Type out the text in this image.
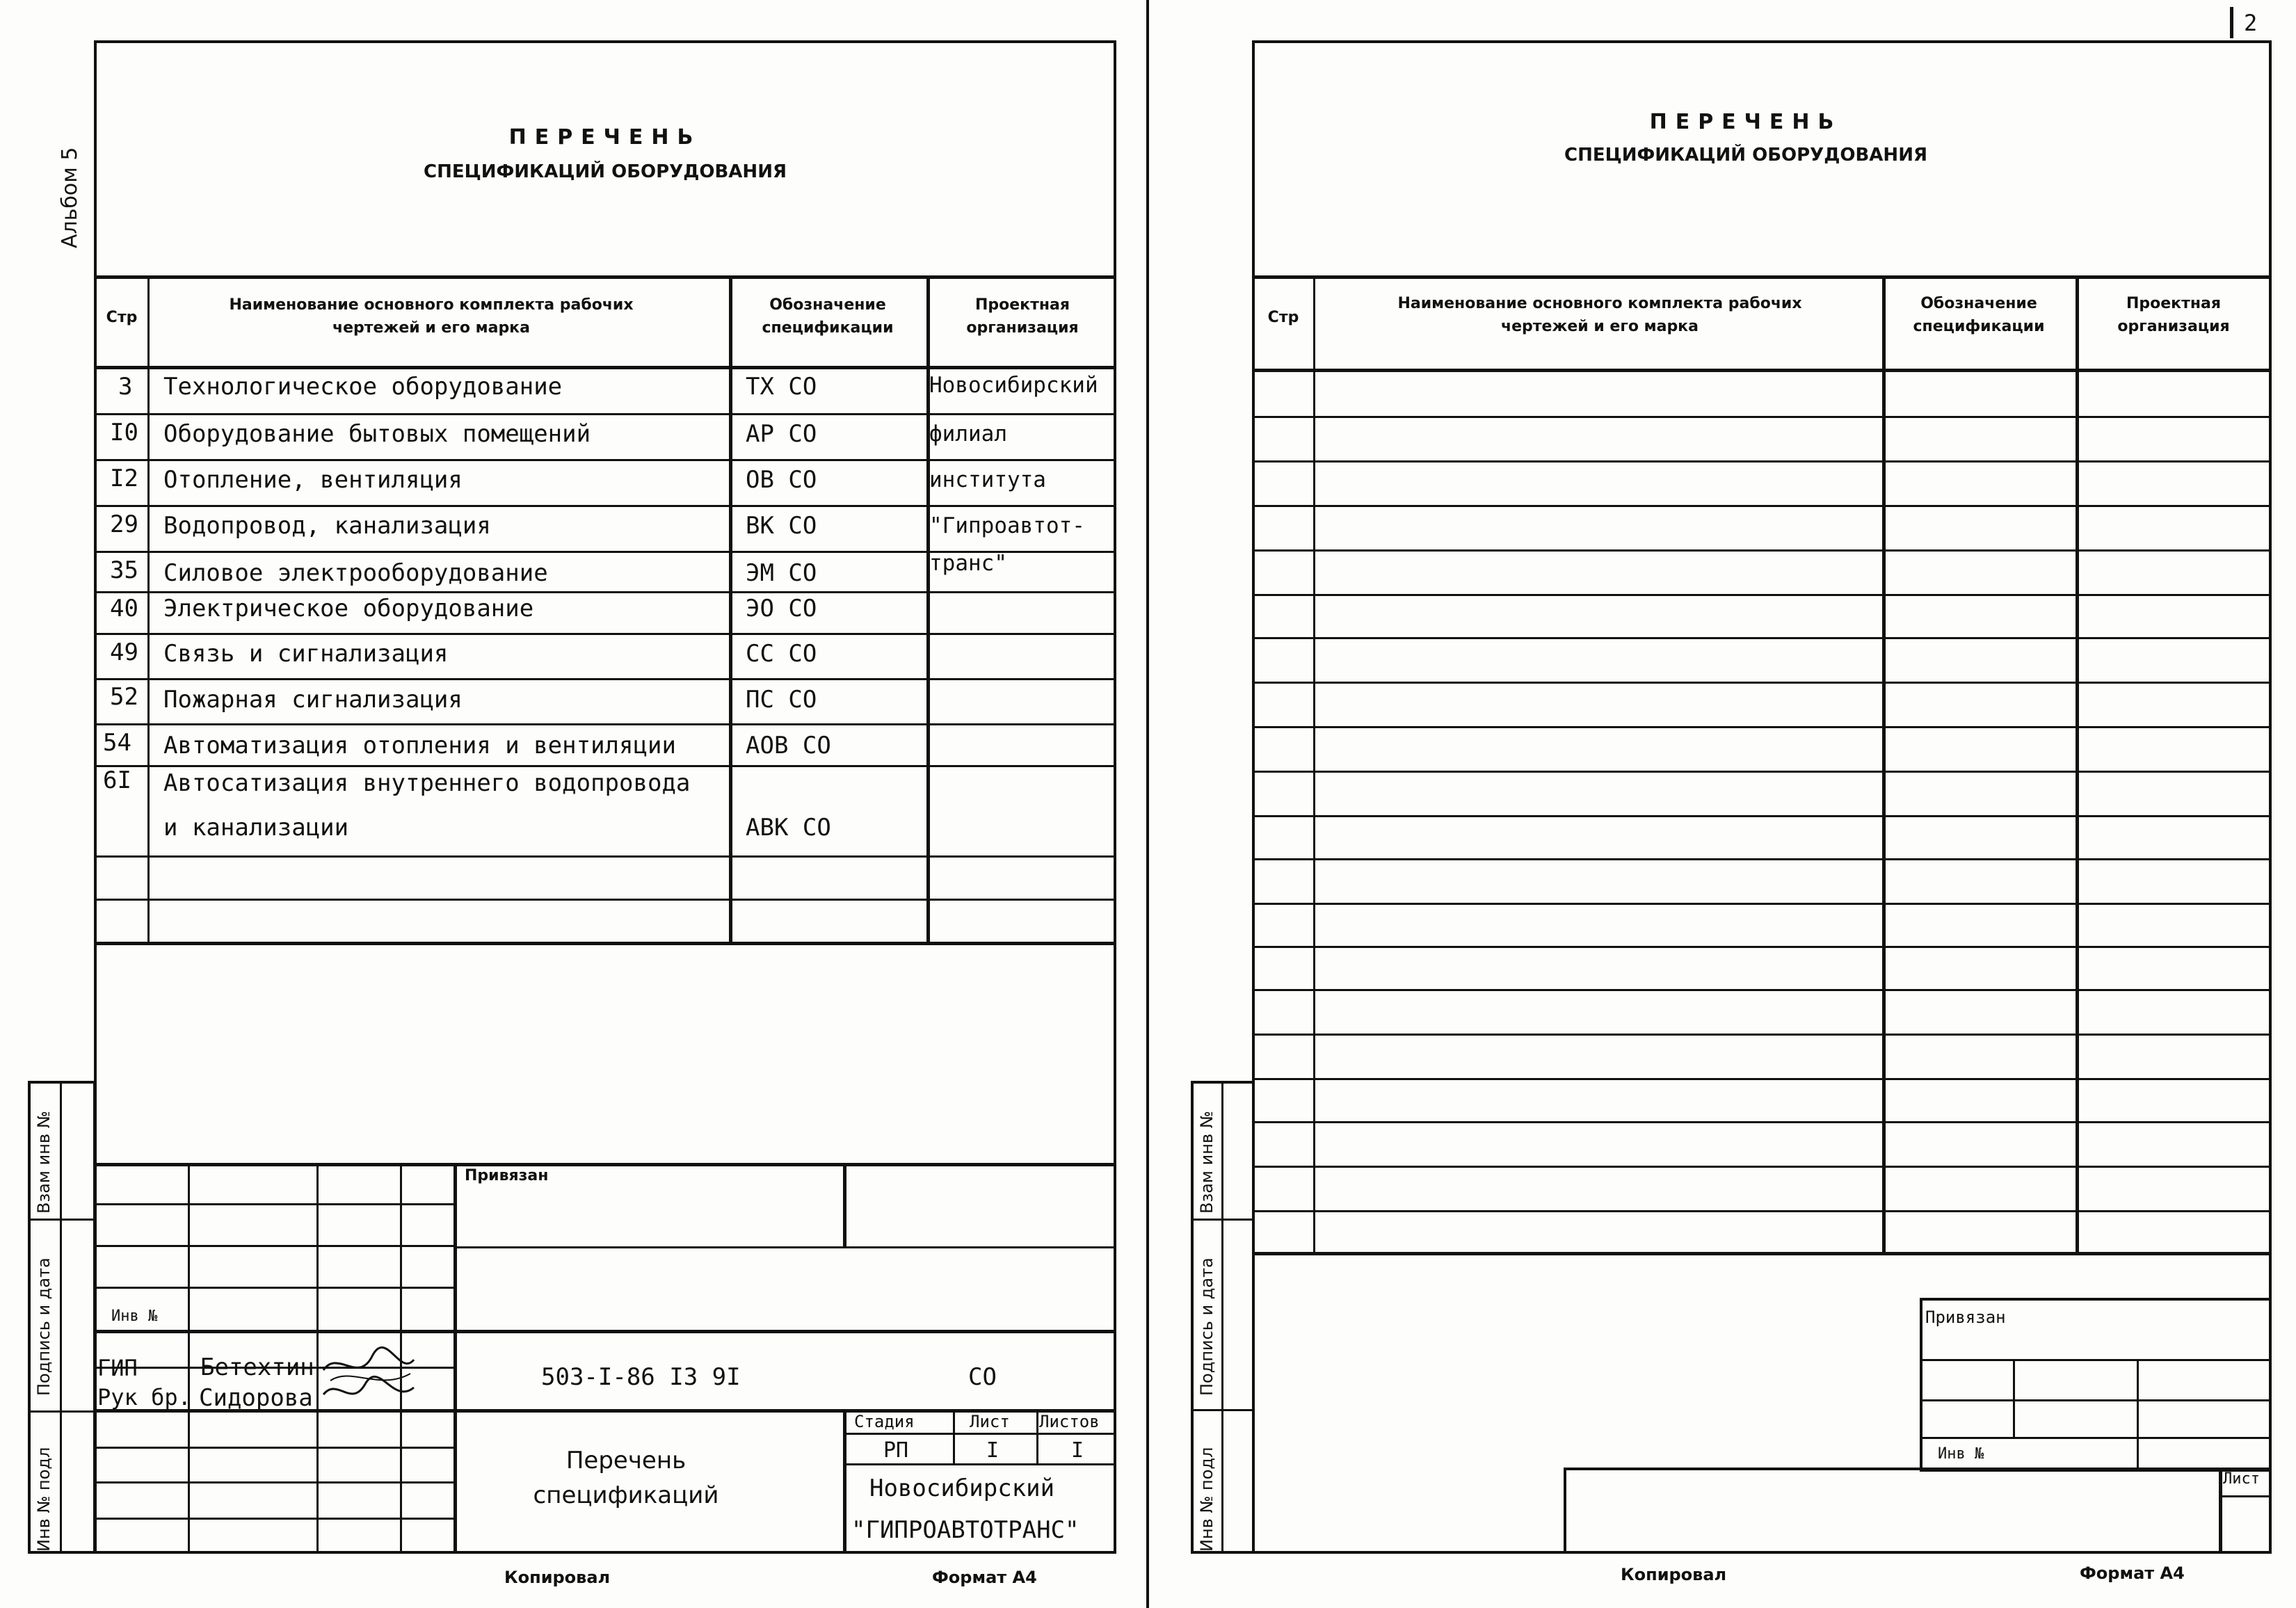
Альбом 5
ПЕРЕЧЕНЬ
СПЕЦИФИКАЦИЙ ОБОРУДОВАНИЯ
Стр
Наименование основного комплекта рабочих чертежей и его марка
Обозначение спецификации
Проектная организация
3 Технологическое оборудование	ТХ СО	Новосибирский
I0 Оборудование бытовых помещений	АР СО	филиал
I2 Отопление, вентиляция	ОВ СО	института
29 Водопровод, канализация	ВК СО	"Гипроавтот-
35 Силовое электрооборудование	ЭМ СО	транс"
40 Электрическое оборудование	ЭО СО
49 Связь и сигнализация	СС СО
52 Пожарная сигнализация	ПС СО
54 Автоматизация отопления и вентиляции	АОВ СО
6I Автосатизация внутреннего водопровода
и канализации	АВК СО
Взам инв №
Подпись и дата
Инв № подл
Привязан
Инв №
ГИП	Бетехтин
Рук бр. Сидорова
503-I-86 I3 9I	СО
Перечень
спецификаций
Стадия	Лист Листов
РП	I	I
Новосибирский
"ГИПРОАВТОТРАНС"
Копировал	Формат А4
2
ПЕРЕЧЕНЬ
СПЕЦИФИКАЦИЙ ОБОРУДОВАНИЯ
Стр
Наименование основного комплекта рабочих чертежей и его марка
Обозначение спецификации
Проектная организация
Взам инв №
Подпись и дата
Инв № подл
Привязан
Инв №
Лист
Копировал	Формат А4
